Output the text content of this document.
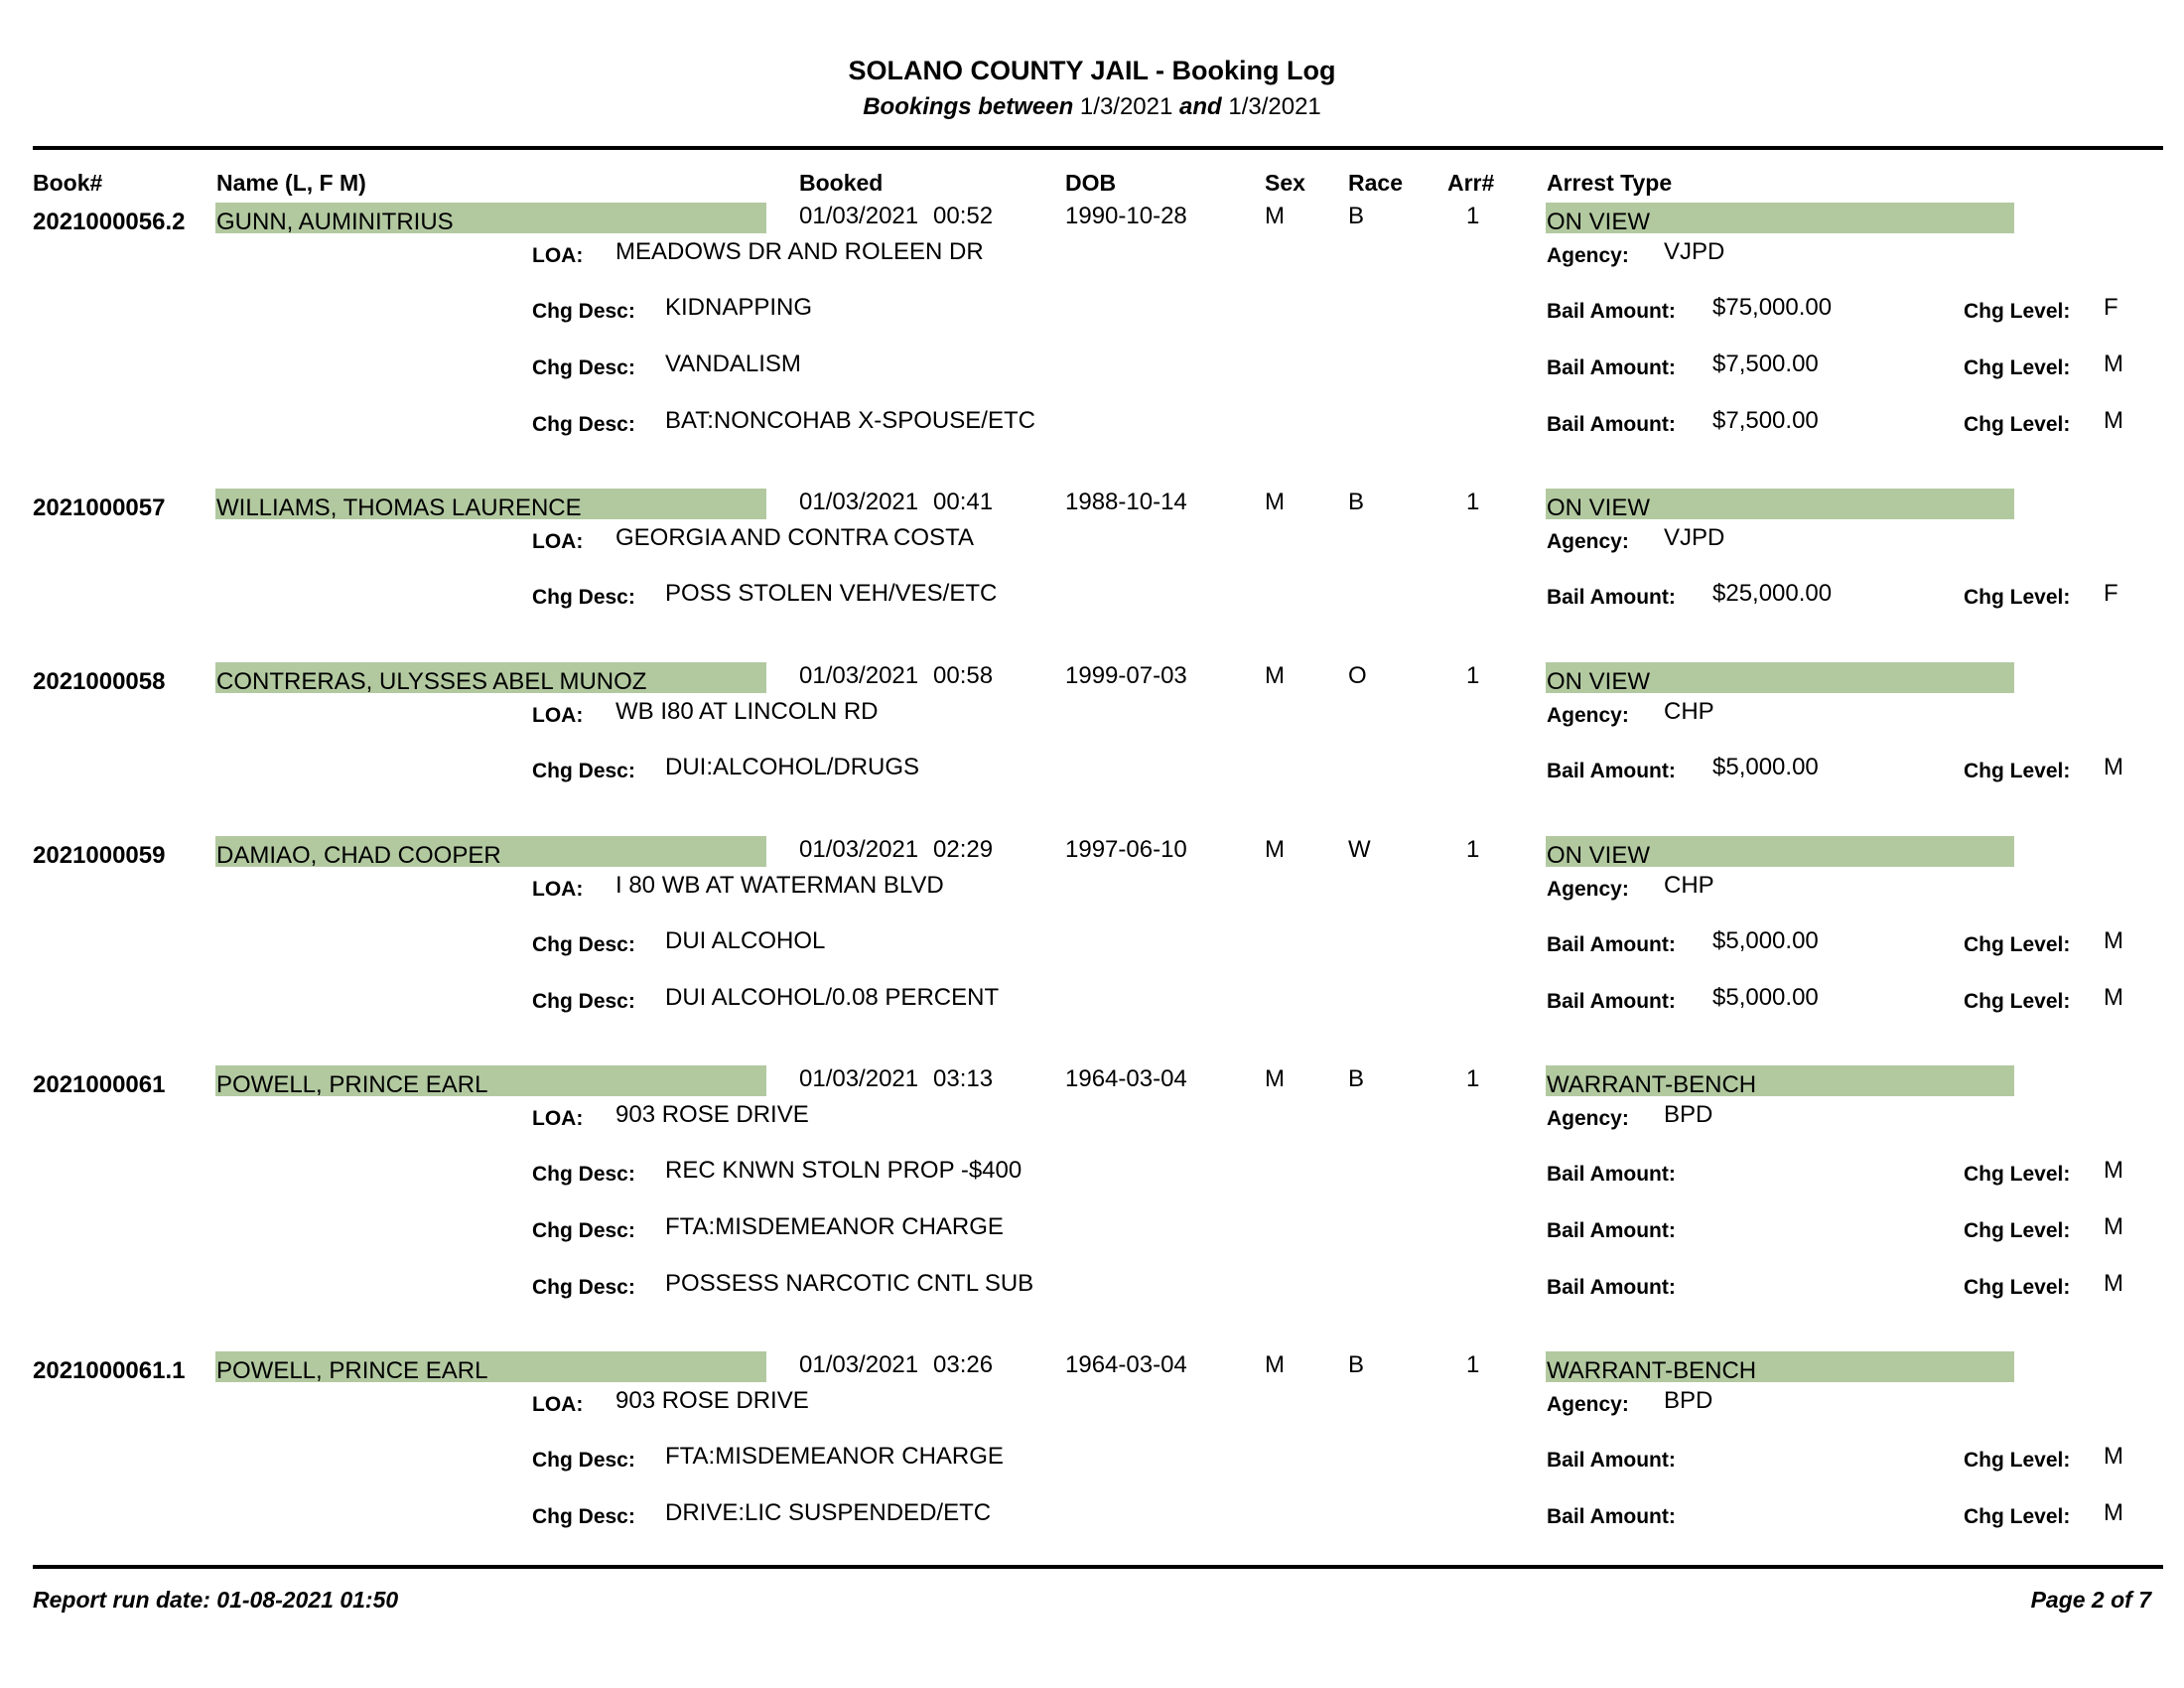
SOLANO COUNTY JAIL - Booking Log
Bookings between 1/3/2021 and 1/3/2021
Book#	Name (L, F M)	Booked	DOB	Sex Race Arr# Arrest Type
2021000056.2 GUNN, AUMINITRIUS	01/03/2021 00:52	1990-10-28	M	B	1	ON VIEW
LOA: MEADOWS DR AND ROLEEN DR	Agency: VJPD
Chg Desc: KIDNAPPING	Bail Amount: $75,000.00	Chg Level: F
Chg Desc: VANDALISM	Bail Amount: $7,500.00	Chg Level: M
Chg Desc: BAT:NONCOHAB X-SPOUSE/ETC	Bail Amount: $7,500.00	Chg Level: M
2021000057 WILLIAMS, THOMAS LAURENCE	01/03/2021 00:41	1988-10-14	M	B	1	ON VIEW
LOA: GEORGIA AND CONTRA COSTA	Agency: VJPD
Chg Desc: POSS STOLEN VEH/VES/ETC	Bail Amount: $25,000.00	Chg Level: F
2021000058 CONTRERAS, ULYSSES ABEL MUNOZ	01/03/2021 00:58	1999-07-03	M	O	1	ON VIEW
LOA: WB I80 AT LINCOLN RD	Agency: CHP
Chg Desc: DUI:ALCOHOL/DRUGS	Bail Amount: $5,000.00	Chg Level: M
2021000059 DAMIAO, CHAD COOPER	01/03/2021 02:29	1997-06-10	M	W	1	ON VIEW
LOA: I 80 WB AT WATERMAN BLVD	Agency: CHP
Chg Desc: DUI ALCOHOL	Bail Amount: $5,000.00	Chg Level: M
Chg Desc: DUI ALCOHOL/0.08 PERCENT	Bail Amount: $5,000.00	Chg Level: M
2021000061 POWELL, PRINCE EARL	01/03/2021 03:13	1964-03-04	M	B	1	WARRANT-BENCH
LOA: 903 ROSE DRIVE	Agency: BPD
Chg Desc: REC KNWN STOLN PROP -$400	Bail Amount:	Chg Level: M
Chg Desc: FTA:MISDEMEANOR CHARGE	Bail Amount:	Chg Level: M
Chg Desc: POSSESS NARCOTIC CNTL SUB	Bail Amount:	Chg Level: M
2021000061.1 POWELL, PRINCE EARL	01/03/2021 03:26	1964-03-04	M	B	1	WARRANT-BENCH
LOA: 903 ROSE DRIVE	Agency: BPD
Chg Desc: FTA:MISDEMEANOR CHARGE	Bail Amount:	Chg Level: M
Chg Desc: DRIVE:LIC SUSPENDED/ETC	Bail Amount:	Chg Level: M
Report run date: 01-08-2021 01:50	Page 2 of 7
